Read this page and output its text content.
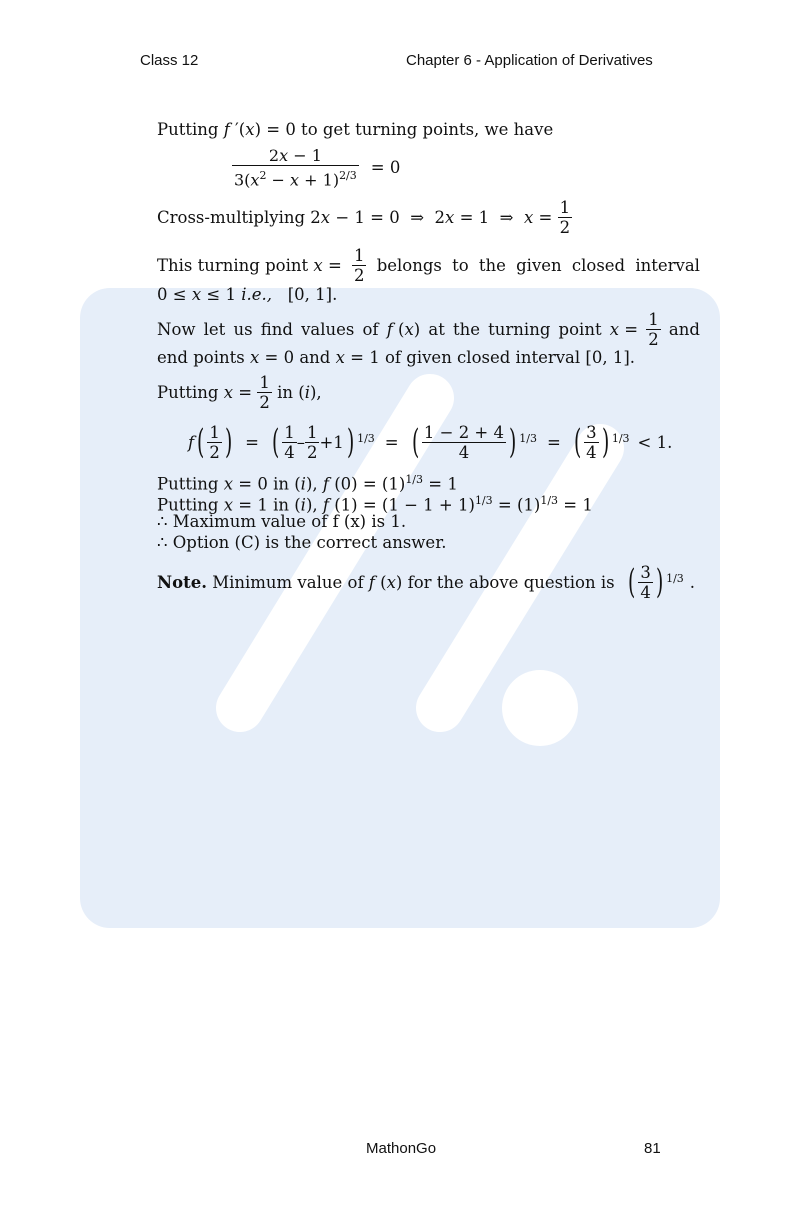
Class 12	Chapter 6 - Application of Derivatives
Putting f ′(x) = 0 to get turning points, we have
$\frac{2x - 1}{3(x^2 - x + 1)^{2/3}} = 0$
Cross-multiplying 2x − 1 = 0  ⇒  2x = 1  ⇒  $x = \frac{1}{2}$
This turning point $x = \frac{1}{2}$ belongs to the given closed interval
0 ≤ x ≤ 1 i.e.,   [0, 1].
Now let us find values of f (x) at the turning point $x = \frac{1}{2}$ and
end points x = 0 and x = 1 of given closed interval [0, 1].
Putting $x = \frac{1}{2}$ in (i),
f ( $\frac{1}{2}$ ) = ( $\frac{1}{4} - \frac{1}{2} +1$ ) 1/3 = ( $\frac{1 - 2 + 4}{4}$ ) 1/3 = ( $\frac{3}{4}$ ) 1/3 < 1.
Putting x = 0 in (i), f $(0) = (1)^{1/3} = 1$
Putting x = 1 in (i), f $(1) = (1 - 1 + 1)^{1/3} = (1)^{1/3} = 1$
∴ Maximum value of f (x) is 1.
∴ Option (C) is the correct answer.
Note. Minimum value of f (x) for the above question is ( $\frac{3}{4}$ ) 1/3 .
MathonGo	81
